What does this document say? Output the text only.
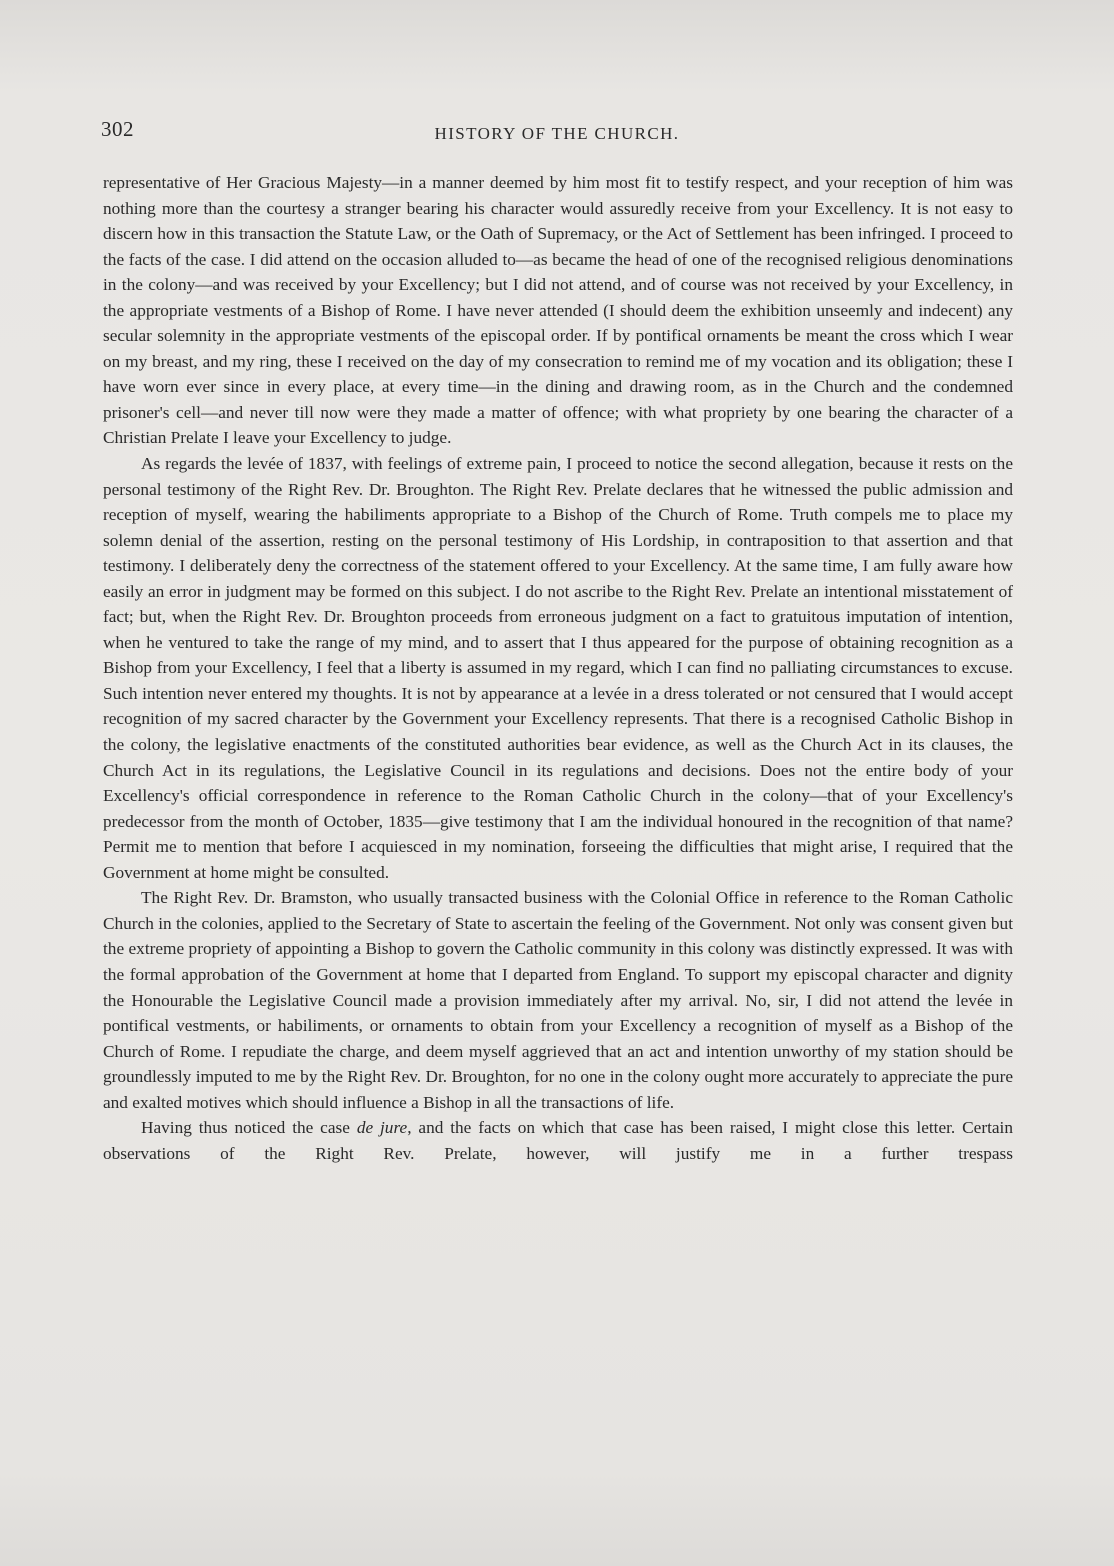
302	HISTORY OF THE CHURCH.

representative of Her Gracious Majesty—in a manner deemed by him most fit to testify respect, and your reception of him was nothing more than the courtesy a stranger bearing his character would assuredly receive from your Excellency. It is not easy to discern how in this transaction the Statute Law, or the Oath of Supremacy, or the Act of Settlement has been infringed. I proceed to the facts of the case. I did attend on the occasion alluded to—as became the head of one of the recognised religious denominations in the colony—and was received by your Excellency; but I did not attend, and of course was not received by your Excellency, in the appropriate vestments of a Bishop of Rome. I have never attended (I should deem the exhibition unseemly and indecent) any secular solemnity in the appropriate vestments of the episcopal order. If by pontifical ornaments be meant the cross which I wear on my breast, and my ring, these I received on the day of my consecration to remind me of my vocation and its obligation; these I have worn ever since in every place, at every time—in the dining and drawing room, as in the Church and the condemned prisoner's cell—and never till now were they made a matter of offence; with what propriety by one bearing the character of a Christian Prelate I leave your Excellency to judge.

As regards the levée of 1837, with feelings of extreme pain, I proceed to notice the second allegation, because it rests on the personal testimony of the Right Rev. Dr. Broughton. The Right Rev. Prelate declares that he witnessed the public admission and reception of myself, wearing the habiliments appropriate to a Bishop of the Church of Rome. Truth compels me to place my solemn denial of the assertion, resting on the personal testimony of His Lordship, in contraposition to that assertion and that testimony. I deliberately deny the correctness of the statement offered to your Excellency. At the same time, I am fully aware how easily an error in judgment may be formed on this subject. I do not ascribe to the Right Rev. Prelate an intentional misstatement of fact; but, when the Right Rev. Dr. Broughton proceeds from erroneous judgment on a fact to gratuitous imputation of intention, when he ventured to take the range of my mind, and to assert that I thus appeared for the purpose of obtaining recognition as a Bishop from your Excellency, I feel that a liberty is assumed in my regard, which I can find no palliating circumstances to excuse. Such intention never entered my thoughts. It is not by appearance at a levée in a dress tolerated or not censured that I would accept recognition of my sacred character by the Government your Excellency represents. That there is a recognised Catholic Bishop in the colony, the legislative enactments of the constituted authorities bear evidence, as well as the Church Act in its clauses, the Church Act in its regulations, the Legislative Council in its regulations and decisions. Does not the entire body of your Excellency's official correspondence in reference to the Roman Catholic Church in the colony—that of your Excellency's predecessor from the month of October, 1835—give testimony that I am the individual honoured in the recognition of that name? Permit me to mention that before I acquiesced in my nomination, forseeing the difficulties that might arise, I required that the Government at home might be consulted.

The Right Rev. Dr. Bramston, who usually transacted business with the Colonial Office in reference to the Roman Catholic Church in the colonies, applied to the Secretary of State to ascertain the feeling of the Government. Not only was consent given but the extreme propriety of appointing a Bishop to govern the Catholic community in this colony was distinctly expressed. It was with the formal approbation of the Government at home that I departed from England. To support my episcopal character and dignity the Honourable the Legislative Council made a provision immediately after my arrival. No, sir, I did not attend the levée in pontifical vestments, or habiliments, or ornaments to obtain from your Excellency a recognition of myself as a Bishop of the Church of Rome. I repudiate the charge, and deem myself aggrieved that an act and intention unworthy of my station should be groundlessly imputed to me by the Right Rev. Dr. Broughton, for no one in the colony ought more accurately to appreciate the pure and exalted motives which should influence a Bishop in all the transactions of life.

Having thus noticed the case de jure, and the facts on which that case has been raised, I might close this letter. Certain observations of the Right Rev. Prelate, however, will justify me in a further trespass
